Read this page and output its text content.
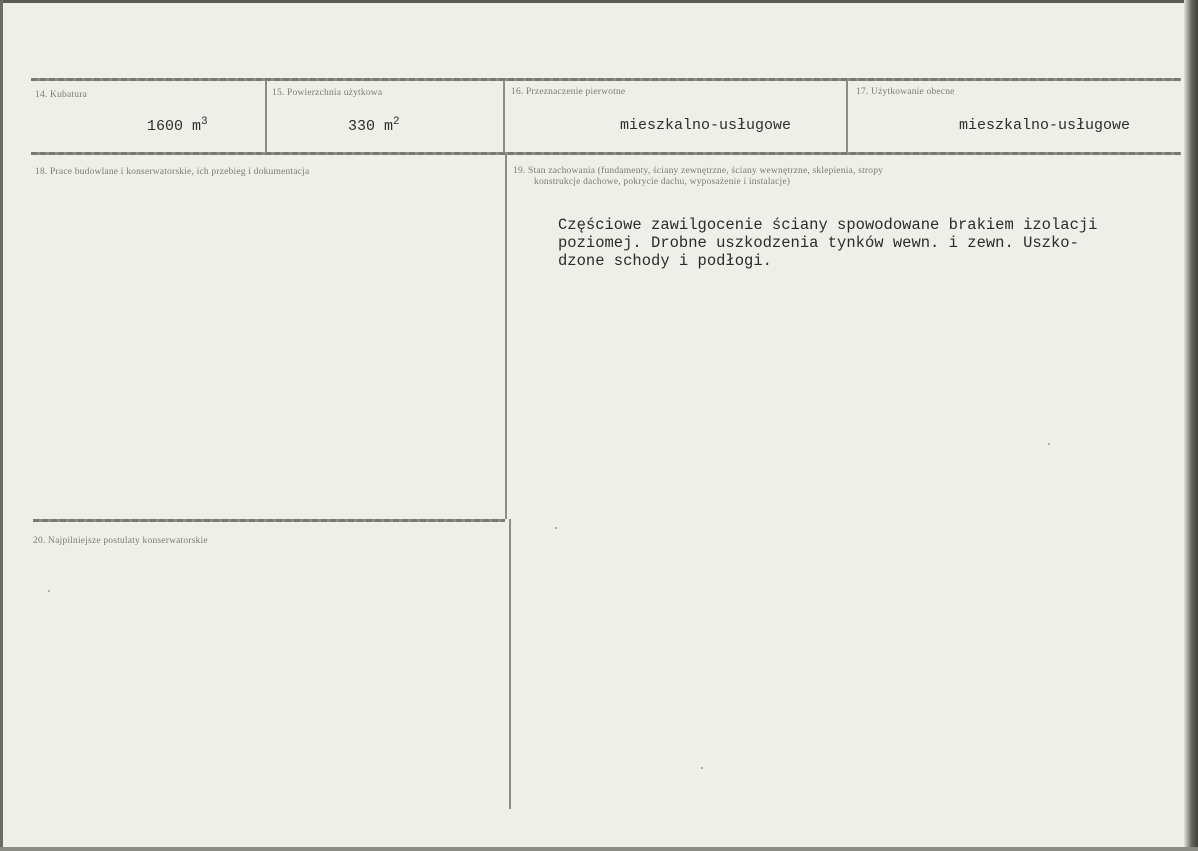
14. Kubatura
1600 $m^3$
15. Powierzchnia użytkowa
330 $m^2$
16. Przeznaczenie pierwotne
mieszkalno-usługowe
17. Użytkowanie obecne
mieszkalno-usługowe
18. Prace budowlane i konserwatorskie, ich przebieg i dokumentacja	19. Stan zachowania (fundamenty, ściany zewnętrzne, ściany wewnętrzne, sklepienia, stropy
konstrukcje dachowe, pokrycie dachu, wyposażenie i instalacje)
Częściowe zawilgocenie ściany spowodowane brakiem izolacji
poziomej. Drobne uszkodzenia tynków wewn. i zewn. Uszko-
dzone schody i podłogi.
20. Najpilniejsze postulaty konserwatorskie
